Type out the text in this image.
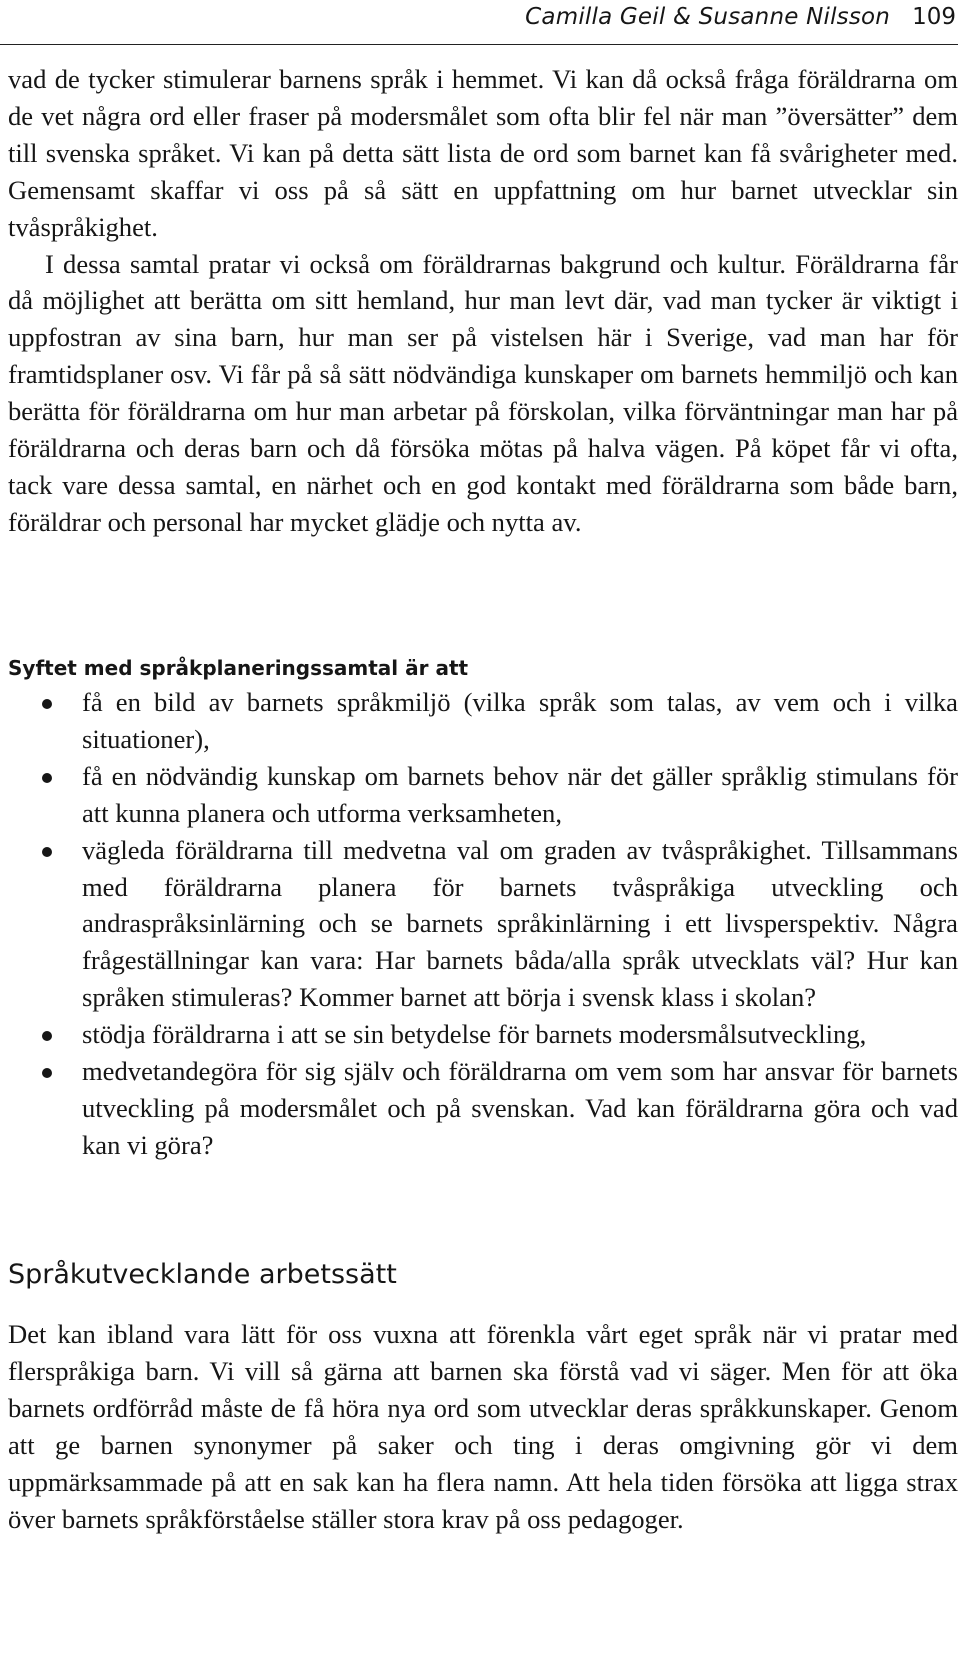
Camilla Geil & Susanne Nilsson 109

vad de tycker stimulerar barnens språk i hemmet. Vi kan då också fråga föräldrarna om de vet några ord eller fraser på modersmålet som ofta blir fel när man ”översätter” dem till svenska språket. Vi kan på detta sätt lista de ord som barnet kan få svårigheter med. Gemensamt skaffar vi oss på så sätt en uppfattning om hur barnet utvecklar sin tvåspråkighet.

I dessa samtal pratar vi också om föräldrarnas bakgrund och kultur. Föräldrarna får då möjlighet att berätta om sitt hemland, hur man levt där, vad man tycker är viktigt i uppfostran av sina barn, hur man ser på vistelsen här i Sverige, vad man har för framtidsplaner osv. Vi får på så sätt nödvändiga kunskaper om barnets hemmiljö och kan berätta för föräldrarna om hur man arbetar på förskolan, vilka förväntningar man har på föräldrarna och deras barn och då försöka mötas på halva vägen. På köpet får vi ofta, tack vare dessa samtal, en närhet och en god kontakt med föräldrarna som både barn, föräldrar och personal har mycket glädje och nytta av.

Syftet med språkplaneringssamtal är att
få en bild av barnets språkmiljö (vilka språk som talas, av vem och i vilka situationer),
få en nödvändig kunskap om barnets behov när det gäller språklig stimulans för att kunna planera och utforma verksamheten,
vägleda föräldrarna till medvetna val om graden av tvåspråkighet. Tillsammans med föräldrarna planera för barnets tvåspråkiga utveckling och andraspråksinlärning och se barnets språkinlärning i ett livsperspektiv. Några frågeställningar kan vara: Har barnets båda/alla språk utvecklats väl? Hur kan språken stimuleras? Kommer barnet att börja i svensk klass i skolan?
stödja föräldrarna i att se sin betydelse för barnets modersmålsutveckling,
medvetandegöra för sig själv och föräldrarna om vem som har ansvar för barnets utveckling på modersmålet och på svenskan. Vad kan föräldrarna göra och vad kan vi göra?
Språkutvecklande arbetssätt

Det kan ibland vara lätt för oss vuxna att förenkla vårt eget språk när vi pratar med flerspråkiga barn. Vi vill så gärna att barnen ska förstå vad vi säger. Men för att öka barnets ordförråd måste de få höra nya ord som utvecklar deras språkkunskaper. Genom att ge barnen synonymer på saker och ting i deras omgivning gör vi dem uppmärksammade på att en sak kan ha flera namn. Att hela tiden försöka att ligga strax över barnets språkförståelse ställer stora krav på oss pedagoger.
